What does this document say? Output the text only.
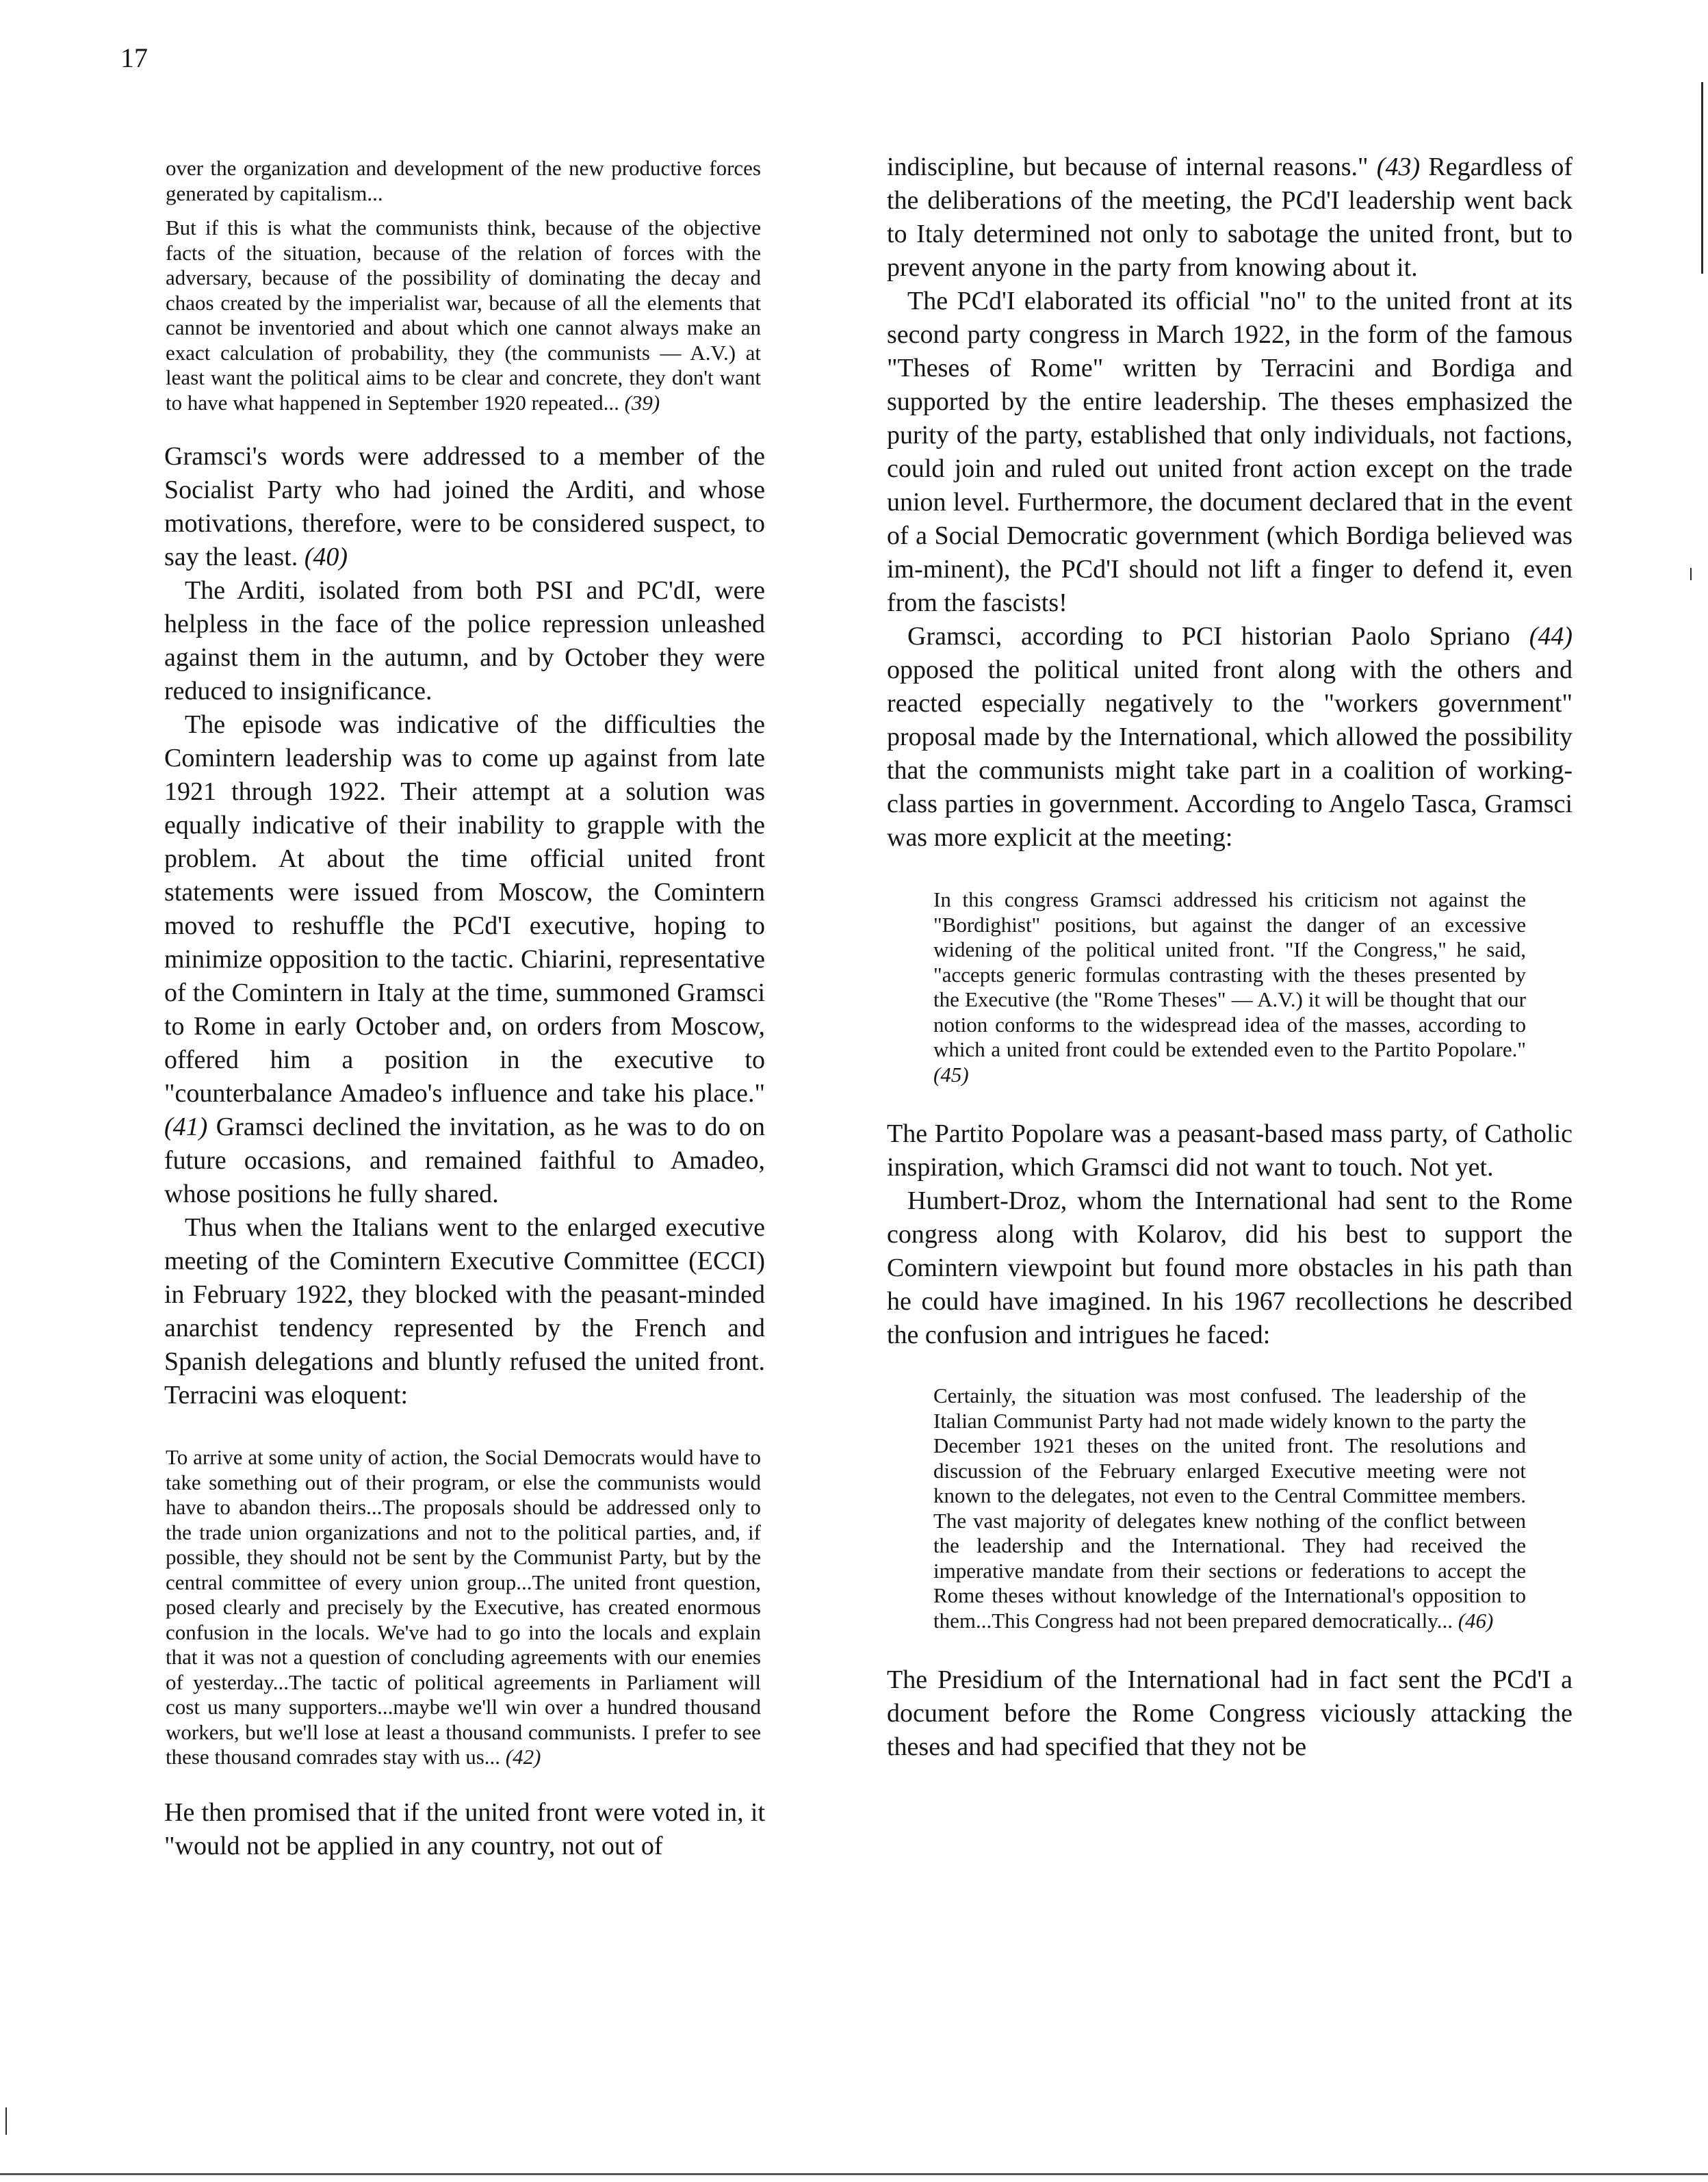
17

over the organization and development of the new productive forces generated by capitalism...

But if this is what the communists think, because of the objective facts of the situation, because of the relation of forces with the adversary, because of the possibility of dominating the decay and chaos created by the imperialist war, because of all the elements that cannot be inventoried and about which one cannot always make an exact calculation of probability, they (the communists — A.V.) at least want the political aims to be clear and concrete, they don't want to have what happened in September 1920 repeated... (39)

Gramsci's words were addressed to a member of the Socialist Party who had joined the Arditi, and whose motivations, therefore, were to be considered suspect, to say the least. (40)

The Arditi, isolated from both PSI and PC'dI, were helpless in the face of the police repression unleashed against them in the autumn, and by October they were reduced to insignificance.

The episode was indicative of the difficulties the Comintern leadership was to come up against from late 1921 through 1922. Their attempt at a solution was equally indicative of their inability to grapple with the problem. At about the time official united front statements were issued from Moscow, the Comintern moved to reshuffle the PCd'I executive, hoping to minimize opposition to the tactic. Chiarini, representative of the Comintern in Italy at the time, summoned Gramsci to Rome in early October and, on orders from Moscow, offered him a position in the executive to "counterbalance Amadeo's influence and take his place." (41) Gramsci declined the invitation, as he was to do on future occasions, and remained faithful to Amadeo, whose positions he fully shared.

Thus when the Italians went to the enlarged executive meeting of the Comintern Executive Committee (ECCI) in February 1922, they blocked with the peasant-minded anarchist tendency represented by the French and Spanish delegations and bluntly refused the united front. Terracini was eloquent:

To arrive at some unity of action, the Social Democrats would have to take something out of their program, or else the communists would have to abandon theirs...The proposals should be addressed only to the trade union organizations and not to the political parties, and, if possible, they should not be sent by the Communist Party, but by the central committee of every union group...The united front question, posed clearly and precisely by the Executive, has created enormous confusion in the locals. We've had to go into the locals and explain that it was not a question of concluding agreements with our enemies of yesterday...The tactic of political agreements in Parliament will cost us many supporters...maybe we'll win over a hundred thousand workers, but we'll lose at least a thousand communists. I prefer to see these thousand comrades stay with us... (42)

He then promised that if the united front were voted in, it "would not be applied in any country, not out of

indiscipline, but because of internal reasons." (43) Regardless of the deliberations of the meeting, the PCd'I leadership went back to Italy determined not only to sabotage the united front, but to prevent anyone in the party from knowing about it.

The PCd'I elaborated its official "no" to the united front at its second party congress in March 1922, in the form of the famous "Theses of Rome" written by Terracini and Bordiga and supported by the entire leadership. The theses emphasized the purity of the party, established that only individuals, not factions, could join and ruled out united front action except on the trade union level. Furthermore, the document declared that in the event of a Social Democratic government (which Bordiga believed was im-minent), the PCd'I should not lift a finger to defend it, even from the fascists!

Gramsci, according to PCI historian Paolo Spriano (44) opposed the political united front along with the others and reacted especially negatively to the "workers government" proposal made by the International, which allowed the possibility that the communists might take part in a coalition of working-class parties in government. According to Angelo Tasca, Gramsci was more explicit at the meeting:

In this congress Gramsci addressed his criticism not against the "Bordighist" positions, but against the danger of an excessive widening of the political united front. "If the Congress," he said, "accepts generic formulas contrasting with the theses presented by the Executive (the "Rome Theses" — A.V.) it will be thought that our notion conforms to the widespread idea of the masses, according to which a united front could be extended even to the Partito Popolare." (45)

The Partito Popolare was a peasant-based mass party, of Catholic inspiration, which Gramsci did not want to touch. Not yet.

Humbert-Droz, whom the International had sent to the Rome congress along with Kolarov, did his best to support the Comintern viewpoint but found more obstacles in his path than he could have imagined. In his 1967 recollections he described the confusion and intrigues he faced:

Certainly, the situation was most confused. The leadership of the Italian Communist Party had not made widely known to the party the December 1921 theses on the united front. The resolutions and discussion of the February enlarged Executive meeting were not known to the delegates, not even to the Central Committee members. The vast majority of delegates knew nothing of the conflict between the leadership and the International. They had received the imperative mandate from their sections or federations to accept the Rome theses without knowledge of the International's opposition to them...This Congress had not been prepared democratically... (46)

The Presidium of the International had in fact sent the PCd'I a document before the Rome Congress viciously attacking the theses and had specified that they not be
